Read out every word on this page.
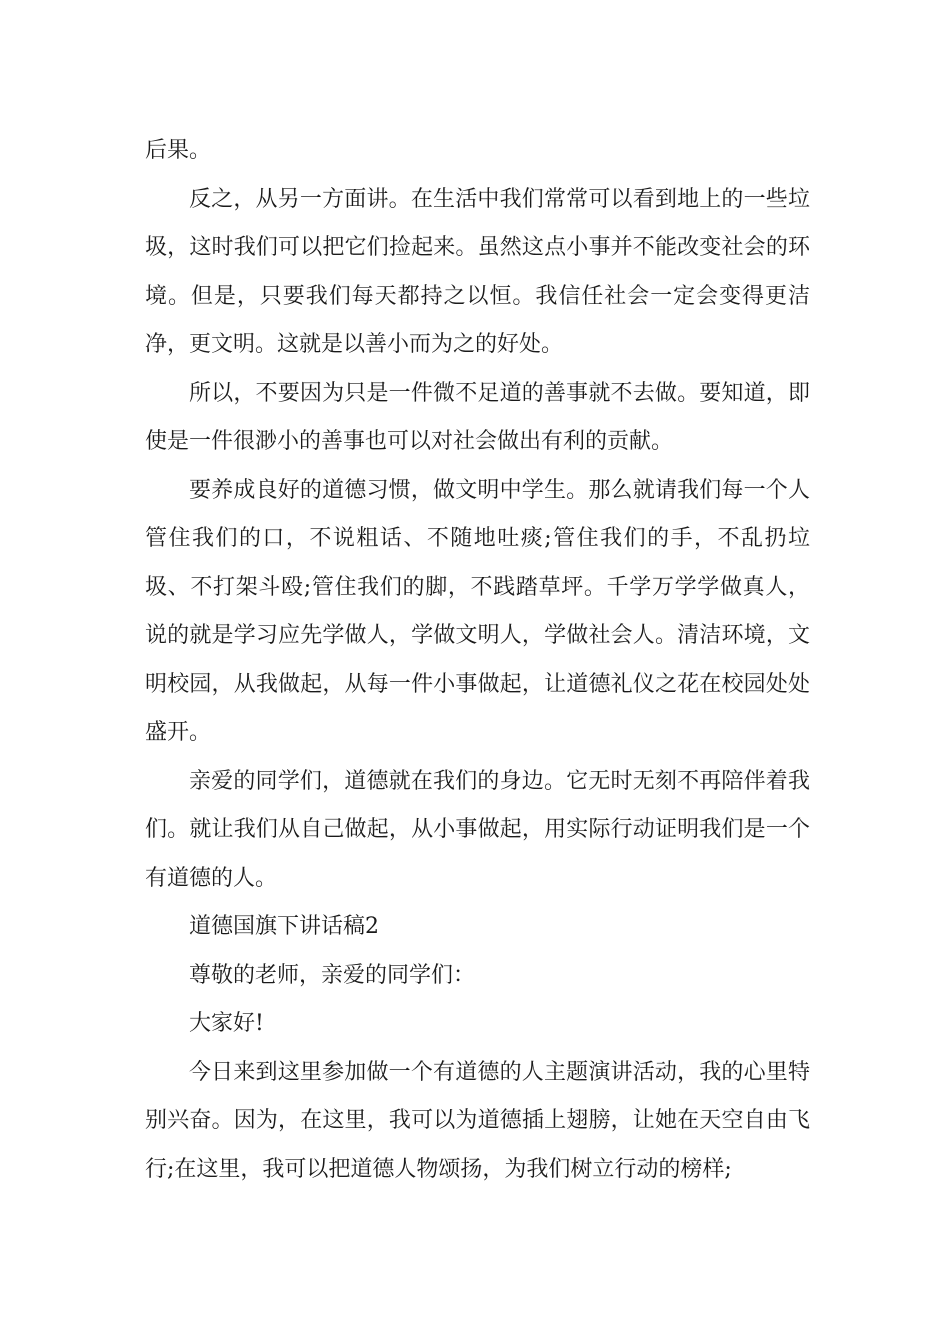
后果。

反之，从另一方面讲。在生活中我们常常可以看到地上的一些垃圾，这时我们可以把它们捡起来。虽然这点小事并不能改变社会的环境。但是，只要我们每天都持之以恒。我信任社会一定会变得更洁净，更文明。这就是以善小而为之的好处。

所以，不要因为只是一件微不足道的善事就不去做。要知道，即使是一件很渺小的善事也可以对社会做出有利的贡献。

要养成良好的道德习惯，做文明中学生。那么就请我们每一个人管住我们的口，不说粗话、不随地吐痰;管住我们的手，不乱扔垃圾、不打架斗殴;管住我们的脚，不践踏草坪。千学万学学做真人，说的就是学习应先学做人，学做文明人，学做社会人。清洁环境，文明校园，从我做起，从每一件小事做起，让道德礼仪之花在校园处处盛开。

亲爱的同学们，道德就在我们的身边。它无时无刻不再陪伴着我们。就让我们从自己做起，从小事做起，用实际行动证明我们是一个有道德的人。

道德国旗下讲话稿2

尊敬的老师，亲爱的同学们：

大家好!

今日来到这里参加做一个有道德的人主题演讲活动，我的心里特别兴奋。因为，在这里，我可以为道德插上翅膀，让她在天空自由飞行;在这里，我可以把道德人物颂扬，为我们树立行动的榜样;
